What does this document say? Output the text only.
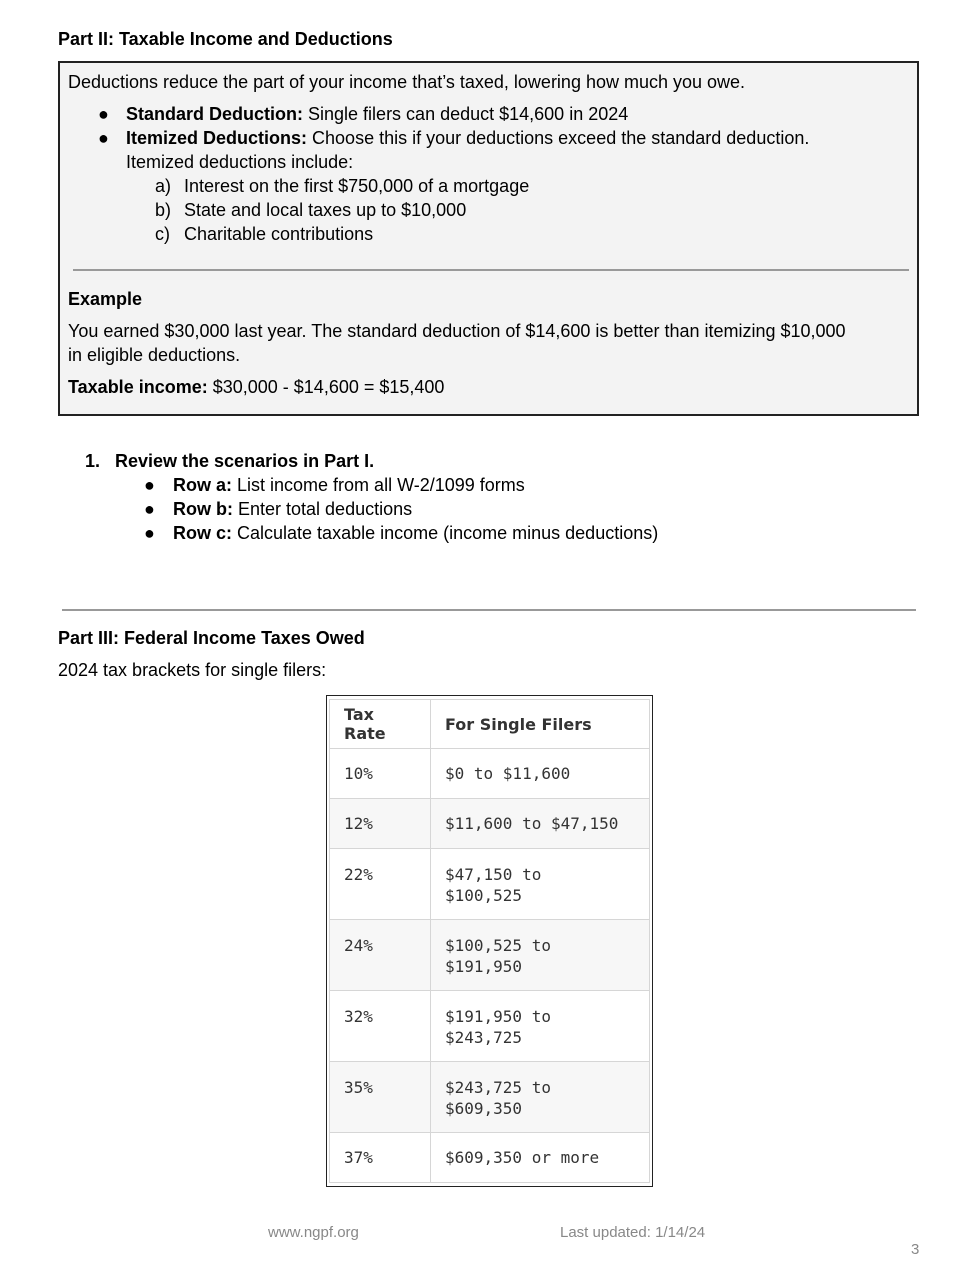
Part II: Taxable Income and Deductions
Deductions reduce the part of your income that’s taxed, lowering how much you owe.
● Standard Deduction: Single filers can deduct $14,600 in 2024
● Itemized Deductions: Choose this if your deductions exceed the standard deduction.
Itemized deductions include:
a) Interest on the first $750,000 of a mortgage
b) State and local taxes up to $10,000
c) Charitable contributions
Example
You earned $30,000 last year. The standard deduction of $14,600 is better than itemizing $10,000
in eligible deductions.
Taxable income: $30,000 - $14,600 = $15,400
1. Review the scenarios in Part I.
● Row a: List income from all W-2/1099 forms
● Row b: Enter total deductions
● Row c: Calculate taxable income (income minus deductions)
Part III: Federal Income Taxes Owed
2024 tax brackets for single filers:
Tax Rate	For Single Filers
10%	$0 to $11,600

12%	$11,600 to $47,150

22%	$47,150 to
$100,525

24%	$100,525 to
$191,950

32%	$191,950 to
$243,725

35%	$243,725 to
$609,350

37%	$609,350 or more
www.ngpf.org	Last updated: 1/14/24
3
